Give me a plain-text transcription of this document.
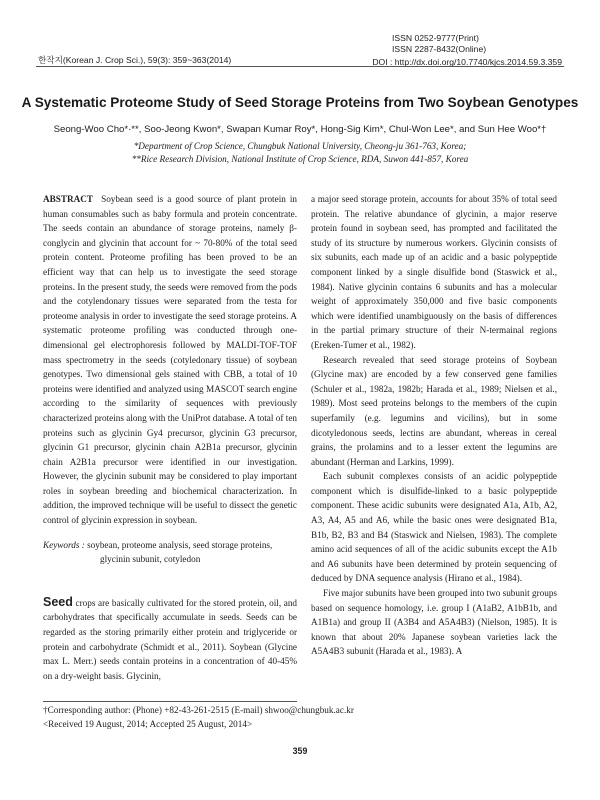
ISSN 0252-9777(Print)
ISSN 2287-8432(Online)
한작지(Korean J. Crop Sci.), 59(3): 359~363(2014)	DOI : http://dx.doi.org/10.7740/kjcs.2014.59.3.359
A Systematic Proteome Study of Seed Storage Proteins from Two Soybean Genotypes
Seong-Woo Cho*·**, Soo-Jeong Kwon*, Swapan Kumar Roy*, Hong-Sig Kim*, Chul-Won Lee*, and Sun Hee Woo*†
*Department of Crop Science, Chungbuk National University, Cheong-ju 361-763, Korea;
**Rice Research Division, National Institute of Crop Science, RDA, Suwon 441-857, Korea

ABSTRACT Soybean seed is a good source of plant protein in human consumables such as baby formula and protein concentrate. The seeds contain an abundance of storage proteins, namely β-conglycin and glycinin that account for ~ 70-80% of the total seed protein content. Proteome profiling has been proved to be an efficient way that can help us to investigate the seed storage proteins. In the present study, the seeds were removed from the pods and the cotylendonary tissues were separated from the testa for proteome analysis in order to investigate the seed storage proteins. A systematic proteome profiling was conducted through one-dimensional gel electrophoresis followed by MALDI-TOF-TOF mass spectrometry in the seeds (cotyledonary tissue) of soybean genotypes. Two dimensional gels stained with CBB, a total of 10 proteins were identified and analyzed using MASCOT search engine according to the similarity of sequences with previously characterized proteins along with the UniProt database. A total of ten proteins such as glycinin Gy4 precursor, glycinin G3 precursor, glycinin G1 precursor, glycinin chain A2B1a precursor, glycinin chain A2B1a precursor were identified in our investigation. However, the glycinin subunit may be considered to play important roles in soybean breeding and biochemical characterization. In addition, the improved technique will be useful to dissect the genetic control of glycinin expression in soybean.

Keywords : soybean, proteome analysis, seed storage proteins,
glycinin subunit, cotyledon

Seed crops are basically cultivated for the stored protein, oil, and carbohydrates that specifically accumulate in seeds. Seeds can be regarded as the storing primarily either protein and triglyceride or protein and carbohydrate (Schmidt et al., 2011). Soybean (Glycine max L. Merr.) seeds contain proteins in a concentration of 40-45% on a dry-weight basis. Glycinin,

a major seed storage protein, accounts for about 35% of total seed protein. The relative abundance of glycinin, a major reserve protein found in soybean seed, has prompted and facilitated the study of its structure by numerous workers. Glycinin consists of six subunits, each made up of an acidic and a basic polypeptide component linked by a single disulfide bond (Staswick et al., 1984). Native glycinin contains 6 subunits and has a molecular weight of approximately 350,000 and five basic components which were identified unambiguously on the basis of differences in the partial primary structure of their N-termainal regions (Ereken-Tumer et al., 1982).

Research revealed that seed storage proteins of Soybean (Glycine max) are encoded by a few conserved gene families (Schuler et al., 1982a, 1982b; Harada et al., 1989; Nielsen et al., 1989). Most seed proteins belongs to the members of the cupin superfamily (e.g. legumins and vicilins), but in some dicotyledonous seeds, lectins are abundant, whereas in cereal grains, the prolamins and to a lesser extent the legumins are abundant (Herman and Larkins, 1999).

Each subunit complexes consists of an acidic polypeptide component which is disulfide-linked to a basic polypeptide component. These acidic subunits were designated A1a, A1b, A2, A3, A4, A5 and A6, while the basic ones were designated B1a, B1b, B2, B3 and B4 (Staswick and Nielsen, 1983). The complete amino acid sequences of all of the acidic subunits except the A1b and A6 subunits have been determined by protein sequencing of deduced by DNA sequence analysis (Hirano et al., 1984).

Five major subunits have been grouped into two subunit groups based on sequence homology, i.e. group I (A1aB2, A1bB1b, and A1B1a) and group II (A3B4 and A5A4B3) (Nielson, 1985). It is known that about 20% Japanese soybean varieties lack the A5A4B3 subunit (Harada et al., 1983). A

†Corresponding author: (Phone) +82-43-261-2515 (E-mail) shwoo@chungbuk.ac.kr
<Received 19 August, 2014; Accepted 25 August, 2014>
359
